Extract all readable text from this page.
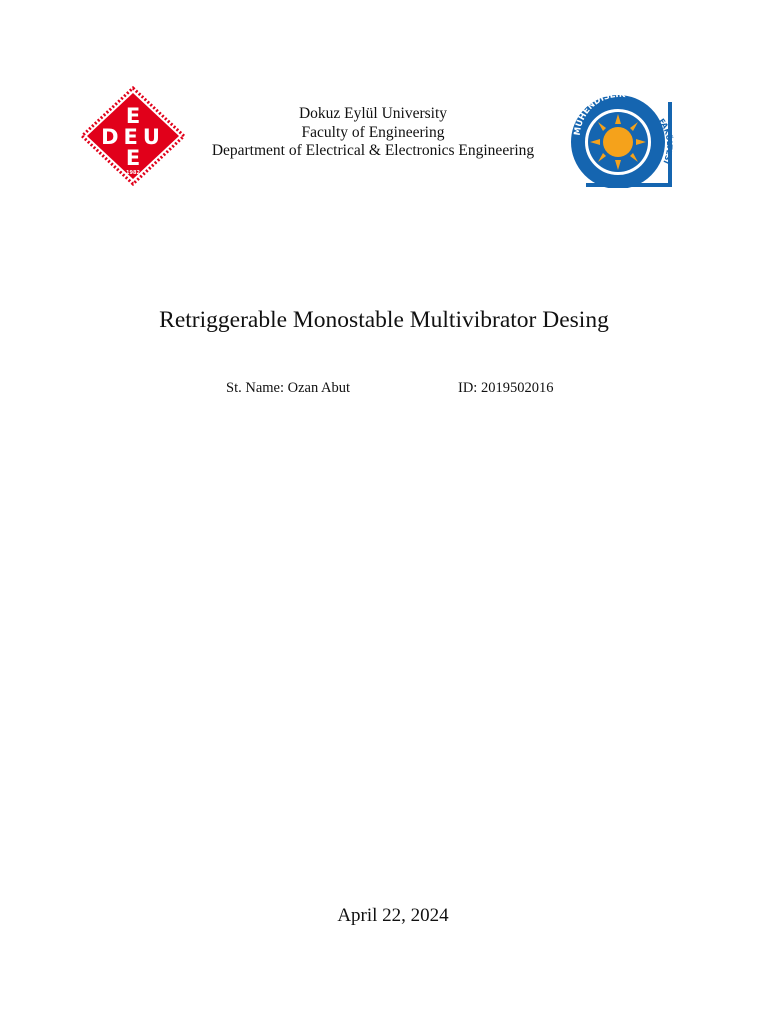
E
DEU
E
1982
Dokuz Eylül University
Faculty of Engineering
Department of Electrical & Electronics Engineering
MÜHENDİSLİK
FAKÜLTESİ
Retriggerable Monostable Multivibrator Desing
St. Name: Ozan Abut	ID: 2019502016
April 22, 2024
